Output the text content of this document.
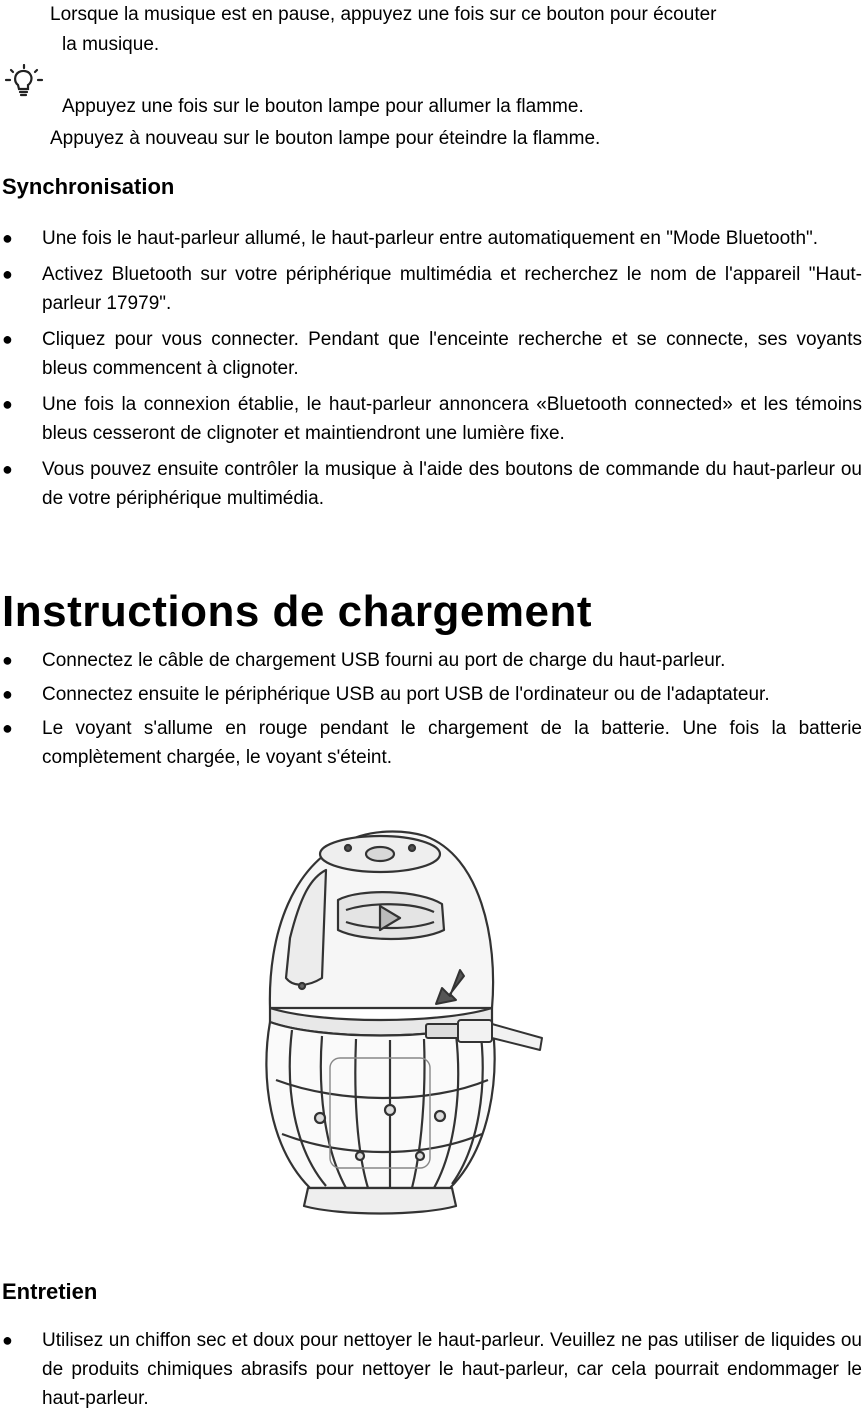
Lorsque la musique est en pause, appuyez une fois sur ce bouton pour écouter
la musique.
Appuyez une fois sur le bouton lampe pour allumer la flamme.
Appuyez à nouveau sur le bouton lampe pour éteindre la flamme.
Synchronisation
● Une fois le haut-parleur allumé, le haut-parleur entre automatiquement en "Mode Bluetooth".
● Activez Bluetooth sur votre périphérique multimédia et recherchez le nom de l'appareil "Haut-parleur 17979".
● Cliquez pour vous connecter. Pendant que l'enceinte recherche et se connecte, ses voyants bleus commencent à clignoter.
● Une fois la connexion établie, le haut-parleur annoncera «Bluetooth connected» et les témoins bleus cesseront de clignoter et maintiendront une lumière fixe.
● Vous pouvez ensuite contrôler la musique à l'aide des boutons de commande du haut-parleur ou de votre périphérique multimédia.
Instructions de chargement
● Connectez le câble de chargement USB fourni au port de charge du haut-parleur.
● Connectez ensuite le périphérique USB au port USB de l'ordinateur ou de l'adaptateur.
● Le voyant s'allume en rouge pendant le chargement de la batterie. Une fois la batterie complètement chargée, le voyant s'éteint.
Entretien
● Utilisez un chiffon sec et doux pour nettoyer le haut-parleur. Veuillez ne pas utiliser de liquides ou de produits chimiques abrasifs pour nettoyer le haut-parleur, car cela pourrait endommager le haut-parleur.
